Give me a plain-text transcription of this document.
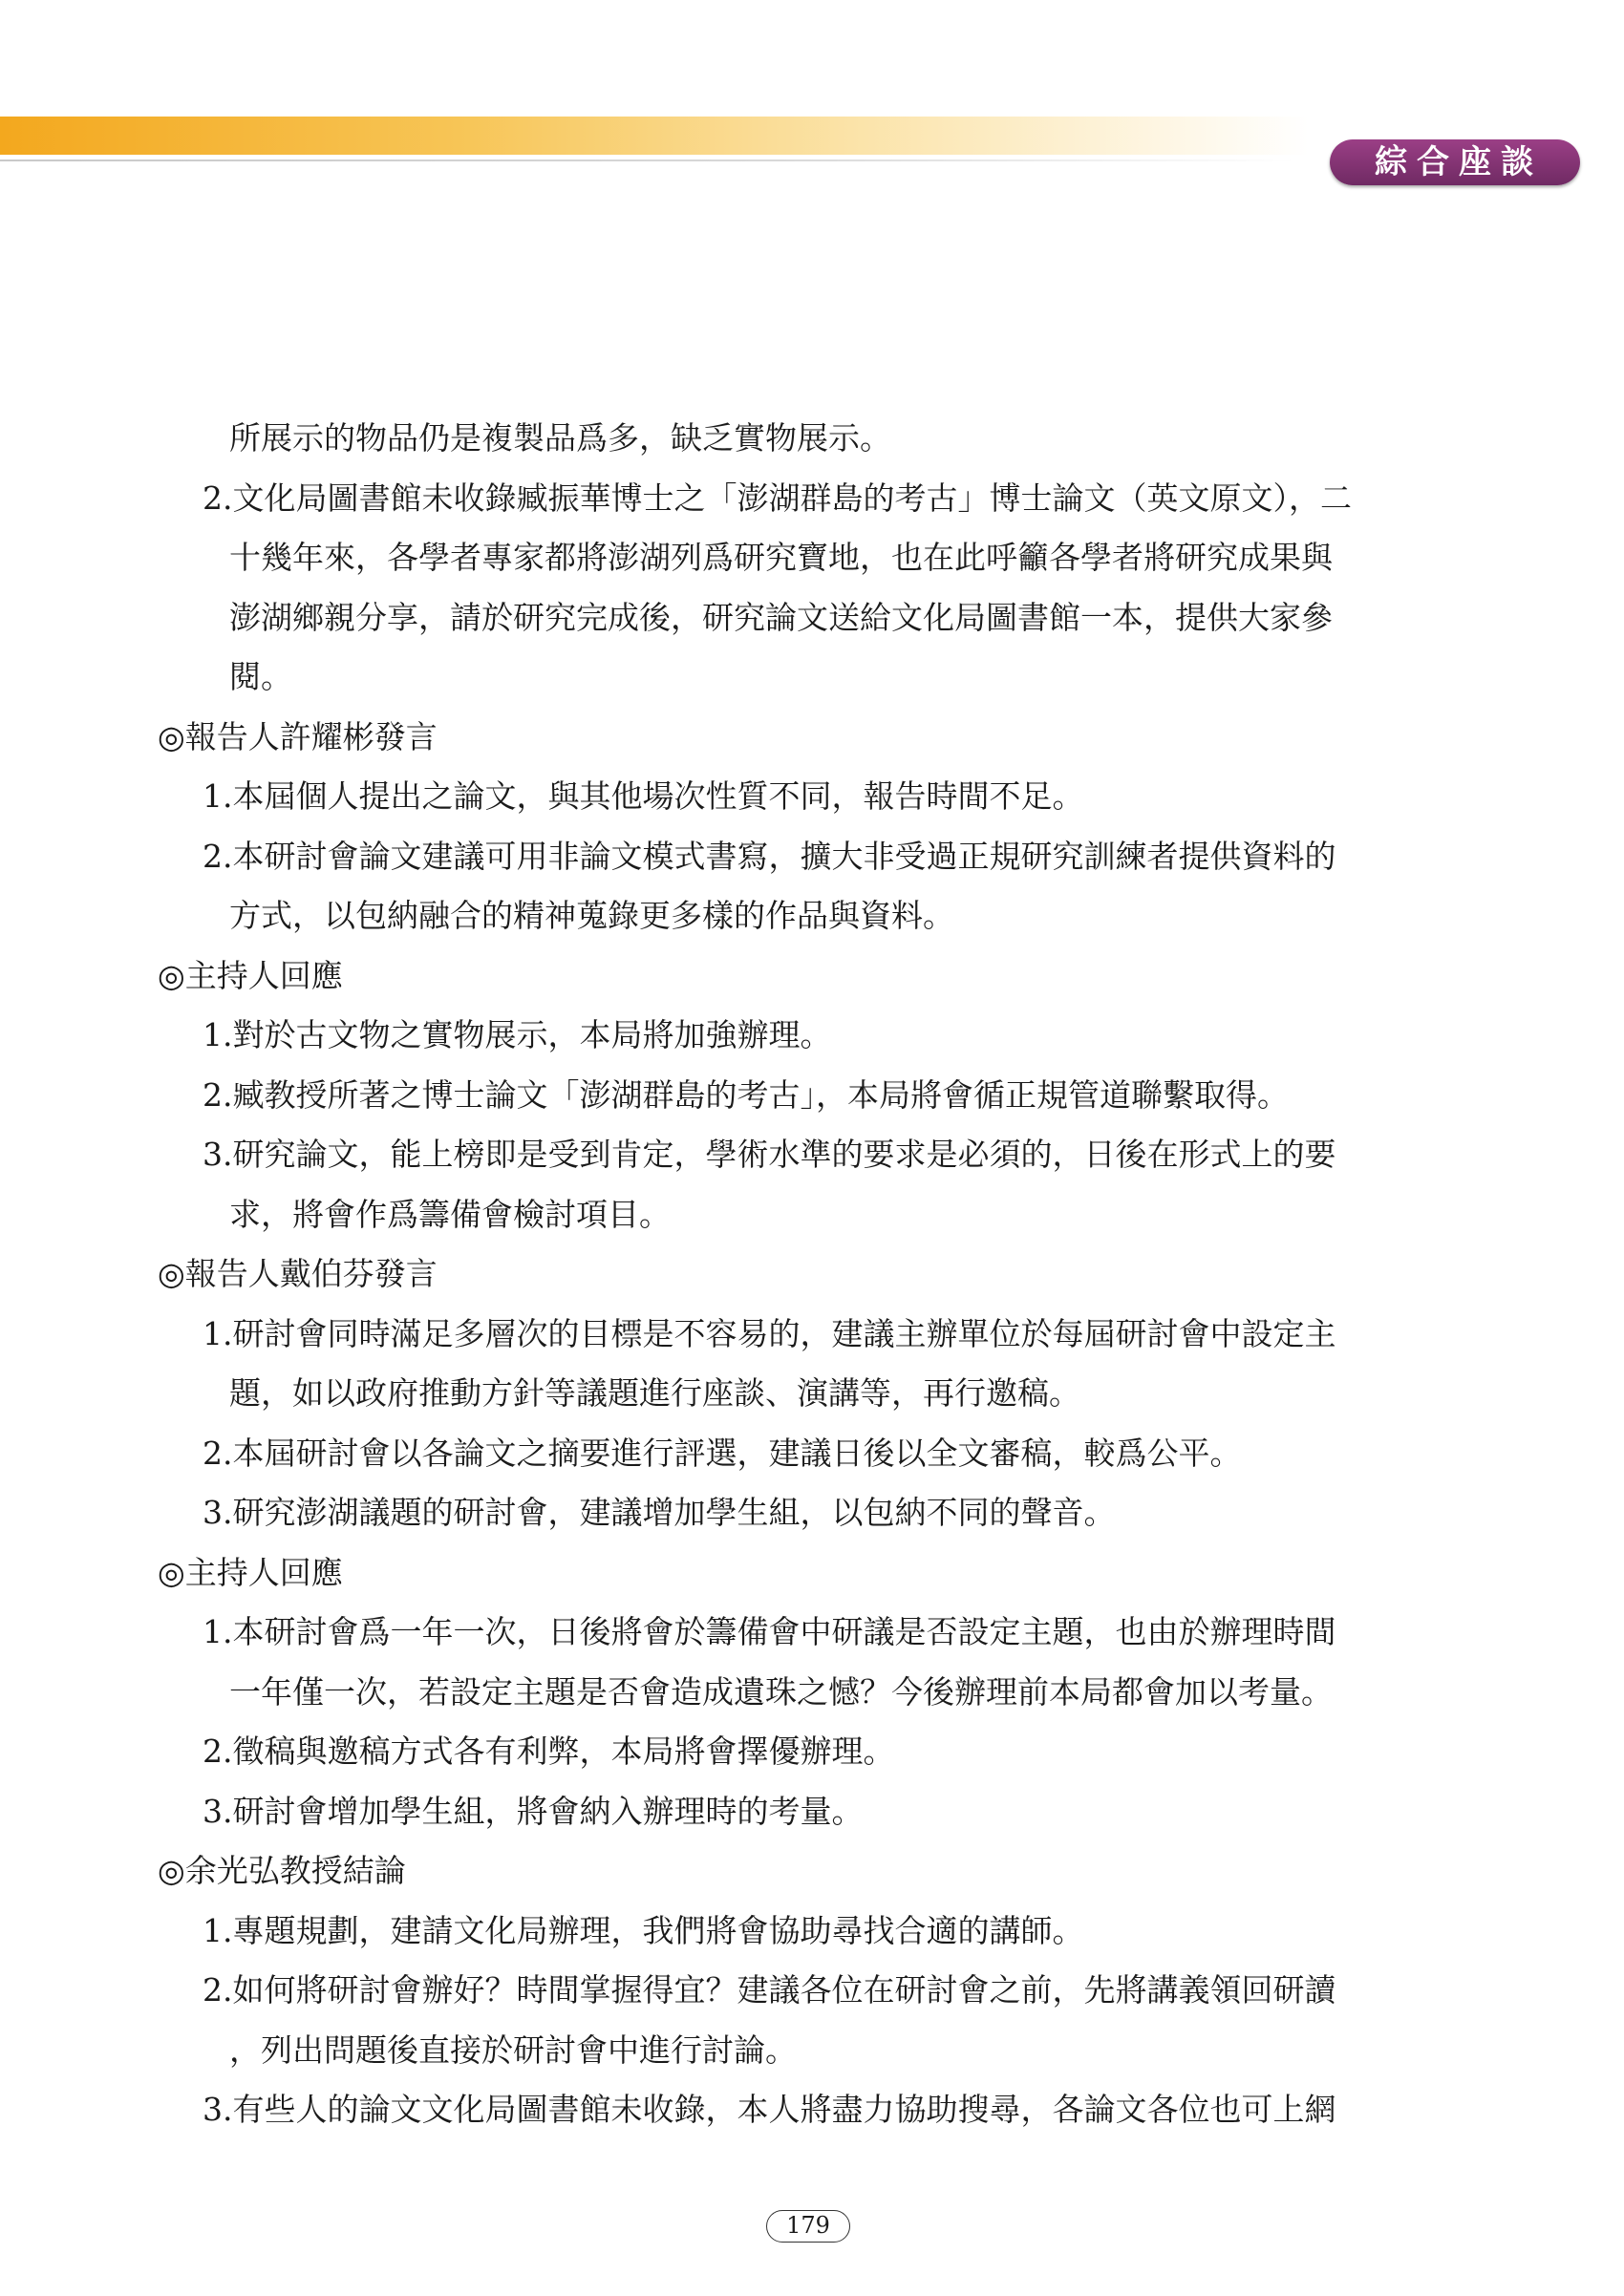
綜合座談
所展示的物品仍是複製品爲多，缺乏實物展示。
2.文化局圖書館未收錄臧振華博士之「澎湖群島的考古」博士論文（英文原文），二
十幾年來，各學者專家都將澎湖列爲研究寶地，也在此呼籲各學者將研究成果與
澎湖鄉親分享，請於研究完成後，研究論文送給文化局圖書館一本，提供大家參
閱。
◎報告人許耀彬發言
1.本屆個人提出之論文，與其他場次性質不同，報告時間不足。
2.本研討會論文建議可用非論文模式書寫，擴大非受過正規研究訓練者提供資料的
方式，以包納融合的精神蒐錄更多樣的作品與資料。
◎主持人回應
1.對於古文物之實物展示，本局將加強辦理。
2.臧教授所著之博士論文「澎湖群島的考古」，本局將會循正規管道聯繫取得。
3.研究論文，能上榜即是受到肯定，學術水準的要求是必須的，日後在形式上的要
求，將會作爲籌備會檢討項目。
◎報告人戴伯芬發言
1.研討會同時滿足多層次的目標是不容易的，建議主辦單位於每屆研討會中設定主
題，如以政府推動方針等議題進行座談、演講等，再行邀稿。
2.本屆研討會以各論文之摘要進行評選，建議日後以全文審稿，較爲公平。
3.研究澎湖議題的研討會，建議增加學生組，以包納不同的聲音。
◎主持人回應
1.本研討會爲一年一次，日後將會於籌備會中研議是否設定主題，也由於辦理時間
一年僅一次，若設定主題是否會造成遺珠之憾？今後辦理前本局都會加以考量。
2.徵稿與邀稿方式各有利弊，本局將會擇優辦理。
3.研討會增加學生組，將會納入辦理時的考量。
◎余光弘教授結論
1.專題規劃，建請文化局辦理，我們將會協助尋找合適的講師。
2.如何將研討會辦好？時間掌握得宜？建議各位在研討會之前，先將講義領回研讀
，列出問題後直接於研討會中進行討論。
3.有些人的論文文化局圖書館未收錄，本人將盡力協助搜尋，各論文各位也可上網
179
